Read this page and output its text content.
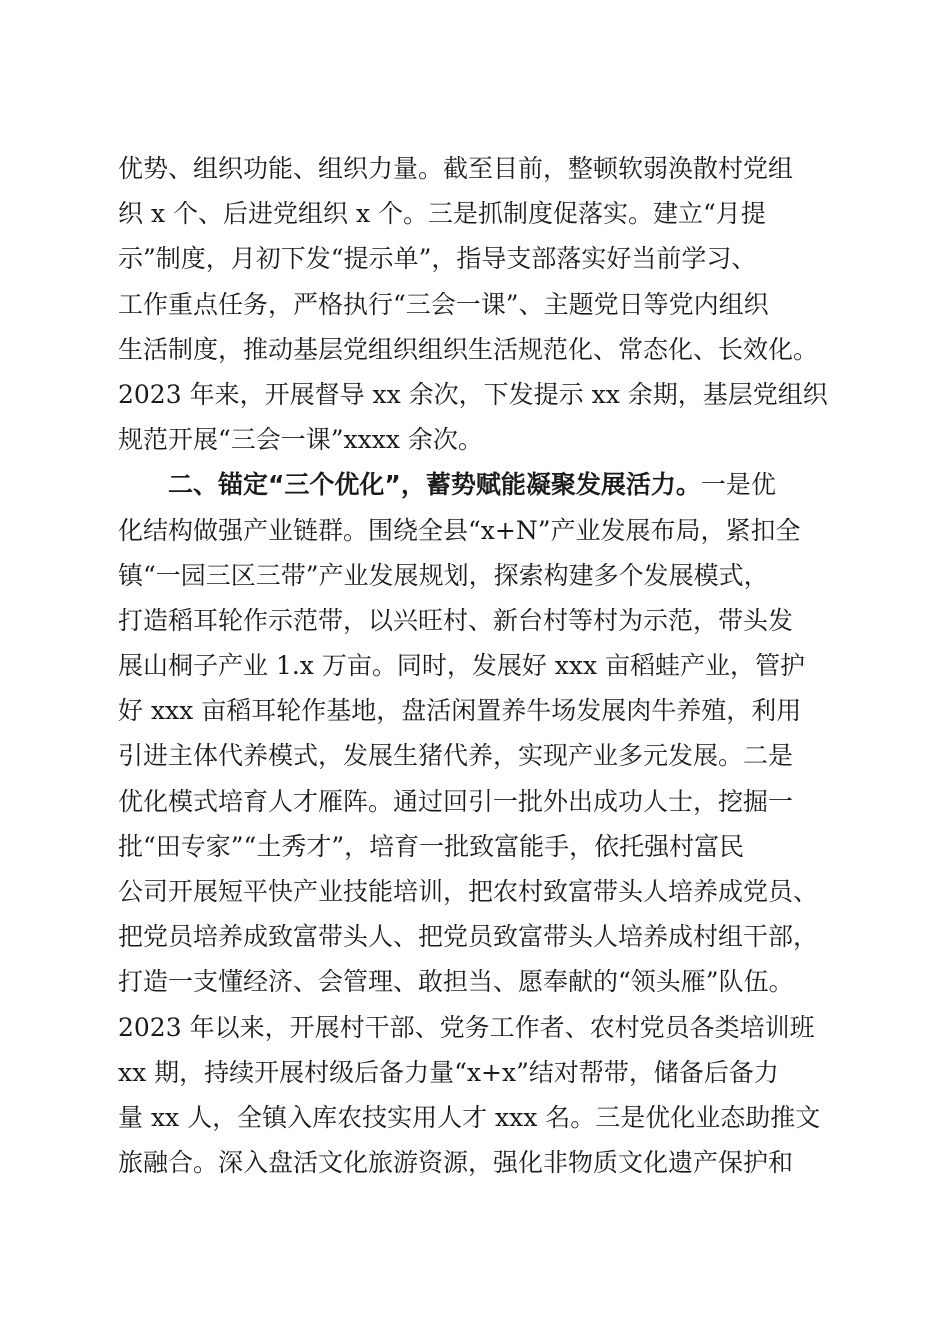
优势、组织功能、组织力量。截至目前，整顿软弱涣散村党组
织 x 个、后进党组织 x 个。三是抓制度促落实。建立“月提
示”制度，月初下发“提示单”，指导支部落实好当前学习、
工作重点任务，严格执行“三会一课”、主题党日等党内组织
生活制度，推动基层党组织组织生活规范化、常态化、长效化。
2023 年来，开展督导 xx 余次，下发提示 xx 余期，基层党组织
规范开展“三会一课”xxxx 余次。
二、锚定“三个优化”，蓄势赋能凝聚发展活力。一是优
化结构做强产业链群。围绕全县“x+N”产业发展布局，紧扣全
镇“一园三区三带”产业发展规划，探索构建多个发展模式，
打造稻耳轮作示范带，以兴旺村、新台村等村为示范，带头发
展山桐子产业 1.x 万亩。同时，发展好 xxx 亩稻蛙产业，管护
好 xxx 亩稻耳轮作基地，盘活闲置养牛场发展肉牛养殖，利用
引进主体代养模式，发展生猪代养，实现产业多元发展。二是
优化模式培育人才雁阵。通过回引一批外出成功人士，挖掘一
批“田专家”“土秀才”，培育一批致富能手，依托强村富民
公司开展短平快产业技能培训，把农村致富带头人培养成党员、
把党员培养成致富带头人、把党员致富带头人培养成村组干部，
打造一支懂经济、会管理、敢担当、愿奉献的“领头雁”队伍。
2023 年以来，开展村干部、党务工作者、农村党员各类培训班
xx 期，持续开展村级后备力量“x+x”结对帮带，储备后备力
量 xx 人，全镇入库农技实用人才 xxx 名。三是优化业态助推文
旅融合。深入盘活文化旅游资源，强化非物质文化遗产保护和
